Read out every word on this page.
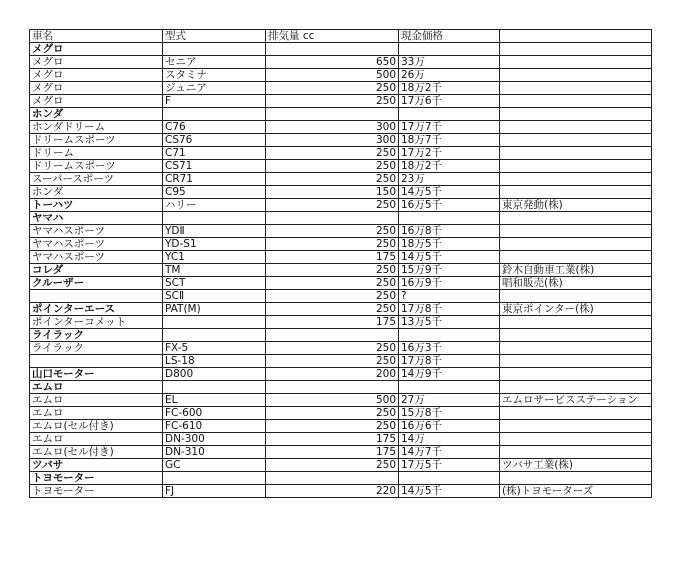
車名	型式	排気量 cc	現金価格	
メグロ				
メグロ	セニア	650	33万	
メグロ	スタミナ	500	26万	
メグロ	ジュニア	250	18万2千	
メグロ	F	250	17万6千	
ホンダ				
ホンダドリーム	C76	300	17万7千	
ドリームスポーツ	CS76	300	18万7千	
ドリーム	C71	250	17万2千	
ドリームスポーツ	CS71	250	18万2千	
スーパースポーツ	CR71	250	23万	
ホンダ	C95	150	14万5千	
トーハツ	ハリー	250	16万5千	東京発動(株)
ヤマハ				
ヤマハスポーツ	YDⅡ	250	16万8千	
ヤマハスポーツ	YD-S1	250	18万5千	
ヤマハスポーツ	YC1	175	14万5千	
コレダ	TM	250	15万9千	鈴木自動車工業(株)
クルーザー	SCT	250	16万9千	唱和販売(株)
	SCⅡ	250	?	
ポインターエース	PAT(M)	250	17万8千	東京ポインター(株)
ポインターコメット		175	13万5千	
ライラック				
ライラック	FX-5	250	16万3千	
	LS-18	250	17万8千	
山口モーター	D800	200	14万9千	
エムロ				
エムロ	EL	500	27万	エムロサービスステーション
エムロ	FC-600	250	15万8千	
エムロ(セル付き)	FC-610	250	16万6千	
エムロ	DN-300	175	14万	
エムロ(セル付き)	DN-310	175	14万7千	
ツバサ	GC	250	17万5千	ツバサ工業(株)
トヨモーター				
トヨモーター	FJ	220	14万5千	(株)トヨモーターズ
